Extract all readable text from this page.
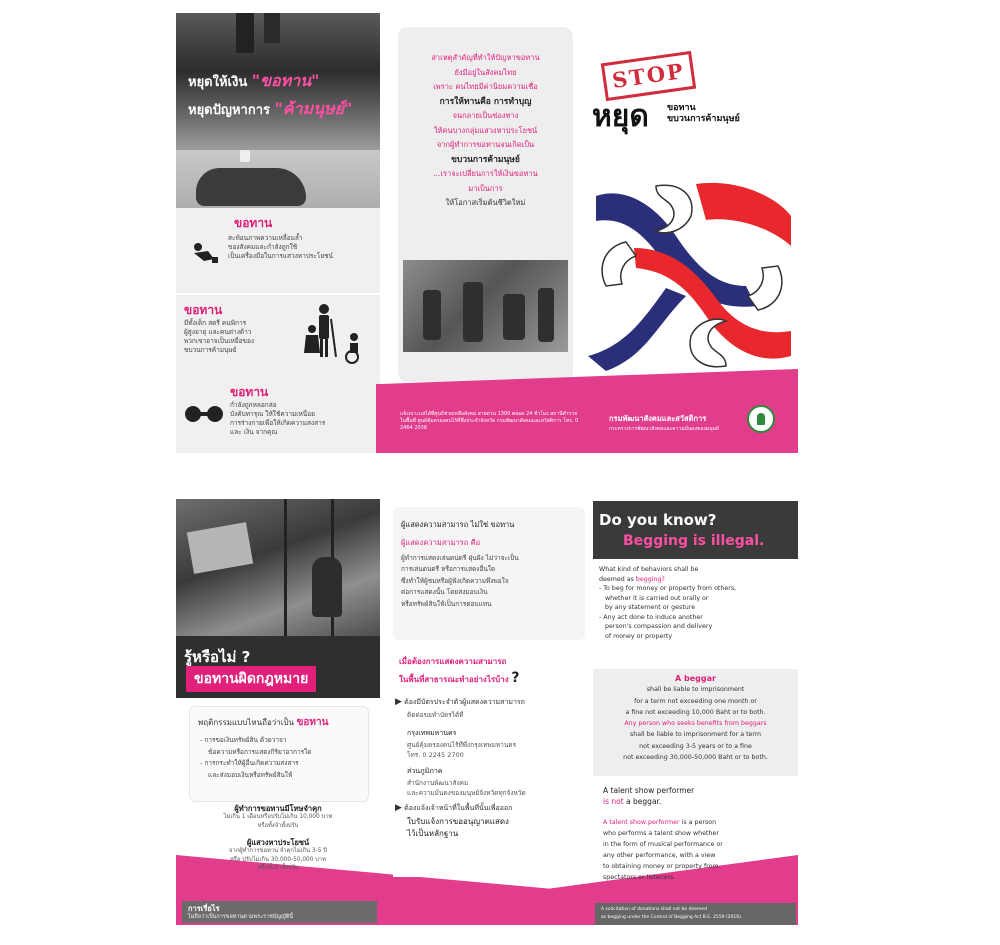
หยุดให้เงิน "ขอทาน"
หยุดปัญหาการ "ค้ามนุษย์"
ขอทาน
สะท้อนภาพความเหลื่อมล้ำ
ของสังคมและกำลังถูกใช้
เป็นเครื่องมือในการแสวงหาประโยชน์
ขอทาน
มีทั้งเด็ก สตรี คนพิการ
ผู้สูงอายุ และคนต่างด้าว
พวกเขาอาจเป็นเหยื่อของ
ขบวนการค้ามนุษย์
ขอทาน
กำลังถูกหลอกล่อ
บังคับทารุณ ให้ใช้ความเหนื่อย
การร่างกายเพื่อให้เกิดความสงสาร
และ เงิน จากคุณ
สาเหตุสำคัญที่ทำให้ปัญหาขอทาน
ยังมีอยู่ในสังคมไทย
เพราะ คนไทยมีค่านิยมความเชื่อ
การให้ทานคือ การทำบุญ
จนกลายเป็นช่องทาง
ให้คนบางกลุ่มแสวงหาประโยชน์
จากผู้ทำการขอทานจนเกิดเป็น
ขบวนการค้ามนุษย์
...เราจะเปลี่ยนการให้เงินขอทาน
มาเป็นการ
ให้โอกาสเริ่มต้นชีวิตใหม่
แจ้งเบาะแสได้ที่ศูนย์ช่วยเหลือสังคม สายด่วน 1300 ตลอด 24 ชั่วโมง สถานีตำรวจในพื้นที่ ศูนย์คุ้มครองคนไร้ที่พึ่งประจำจังหวัด กรมพัฒนาสังคมและสวัสดิการ โทร. 0 2464 2038
กรมพัฒนาสังคมและสวัสดิการ
กระทรวงการพัฒนาสังคมและความมั่นคงของมนุษย์
STOP
หยุด ขอทาน
ขบวนการค้ามนุษย์
รู้หรือไม่ ?
ขอทานผิดกฎหมาย
พฤติกรรมแบบไหนถือว่าเป็น ขอทาน
- การขอเงินทรัพย์สิน ด้วยวาจา
ข้อความหรือการแสดงกิริยาอาการใด
- การกระทำให้ผู้อื่นเกิดความสงสาร
และส่งมอบเงินหรือทรัพย์สินให้
ผู้ทำการขอทานมีโทษจำคุก
ไม่เกิน 1 เดือนหรือปรับไม่เกิน 10,000 บาท
หรือทั้งจำทั้งปรับ
ผู้แสวงหาประโยชน์
จากผู้ทำการขอทาน จำคุกไม่เกิน 3-5 ปี
หรือ ปรับไม่เกิน 30,000-50,000 บาท
หรือทั้งจำทั้งปรับ
การเรี่ยไร
ไม่ถือว่าเป็นการขอทานตามพระราชบัญญัตินี้
ผู้แสดงความสามารถ ไม่ใช่ ขอทาน
ผู้แสดงความสามารถ คือ
ผู้ทำการแสดงเล่นดนตรี ฝุ่นฝัง ไม่ว่าจะเป็น
การเล่นดนตรี หรือการแสดงอื่นใด
ซึ่งทำให้ผู้ชมหรือผู้ฟังเกิดความพึงพอใจ
ต่อการแสดงนั้น โดยส่งมอบเงิน
หรือทรัพย์สินให้เป็นการตอบแทน
เมื่อต้องการแสดงความสามารถ
ในพื้นที่สาธารณะทำอย่างไรบ้าง ?
▶ ต้องมีบัตรประจำตัวผู้แสดงความสามารถ
ติดต่อขอทำบัตรได้ที่
กรุงเทพมหานคร
ศูนย์คุ้มครองคนไร้ที่พึ่งกรุงเทพมหานคร
โทร. 0 2245 2700
ส่วนภูมิภาค
สำนักงานพัฒนาสังคม
และความมั่นคงของมนุษย์จังหวัดทุกจังหวัด
▶ ต้องแจ้งเจ้าหน้าที่ในพื้นที่นั้นเพื่อออก
ใบรับแจ้งการขออนุญาตแสดง
ไว้เป็นหลักฐาน
Do you know?
Begging is illegal.
What kind of behaviors shall be
deemed as begging?
- To beg for money or property from others,
whether it is carried out orally or
by any statement or gesture
- Any act done to induce another
person's compassion and delivery
of money or property
A beggar
shall be liable to imprisonment
for a term not exceeding one month or
a fine not exceeding 10,000 Baht or to both.
Any person who seeks benefits from beggars
shall be liable to imprisonment for a term
not exceeding 3-5 years or to a fine
not exceeding 30,000-50,000 Baht or to both.
A talent show performer
is not a beggar.
A talent show performer is a person
who performs a talent show whether
in the form of musical performance or
any other performance, with a view
to obtaining money or property from
spectators or listeners.
A solicitation of donations shall not be deemed
as begging under the Control of Begging Act B.E. 2559 (2016).
